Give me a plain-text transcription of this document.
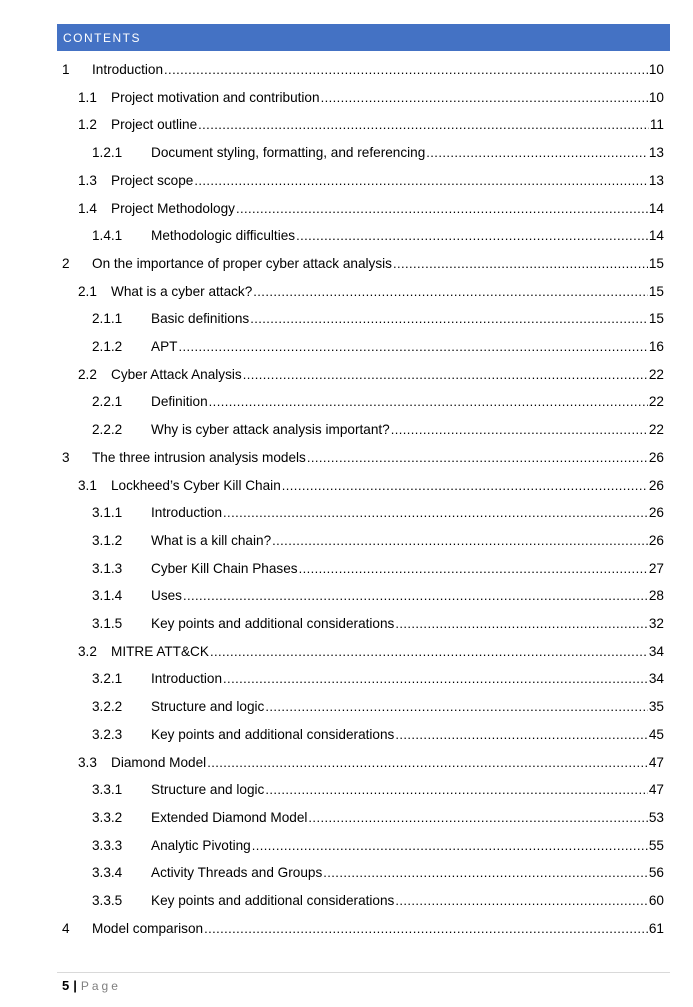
CONTENTS
1	Introduction .....	10
1.1	Project motivation and contribution .....	10
1.2	Project outline .....	11
1.2.1	Document styling, formatting, and referencing .....	13
1.3	Project scope .....	13
1.4	Project Methodology .....	14
1.4.1	Methodologic difficulties .....	14
2	On the importance of proper cyber attack analysis .....	15
2.1	What is a cyber attack? .....	15
2.1.1	Basic definitions .....	15
2.1.2	APT .....	16
2.2	Cyber Attack Analysis .....	22
2.2.1	Definition .....	22
2.2.2	Why is cyber attack analysis important? .....	22
3	The three intrusion analysis models .....	26
3.1	Lockheed’s Cyber Kill Chain .....	26
3.1.1	Introduction .....	26
3.1.2	What is a kill chain? .....	26
3.1.3	Cyber Kill Chain Phases .....	27
3.1.4	Uses .....	28
3.1.5	Key points and additional considerations .....	32
3.2	MITRE ATT&CK .....	34
3.2.1	Introduction .....	34
3.2.2	Structure and logic .....	35
3.2.3	Key points and additional considerations .....	45
3.3	Diamond Model .....	47
3.3.1	Structure and logic .....	47
3.3.2	Extended Diamond Model .....	53
3.3.3	Analytic Pivoting .....	55
3.3.4	Activity Threads and Groups .....	56
3.3.5	Key points and additional considerations .....	60
4	Model comparison .....	61
5 | Page
